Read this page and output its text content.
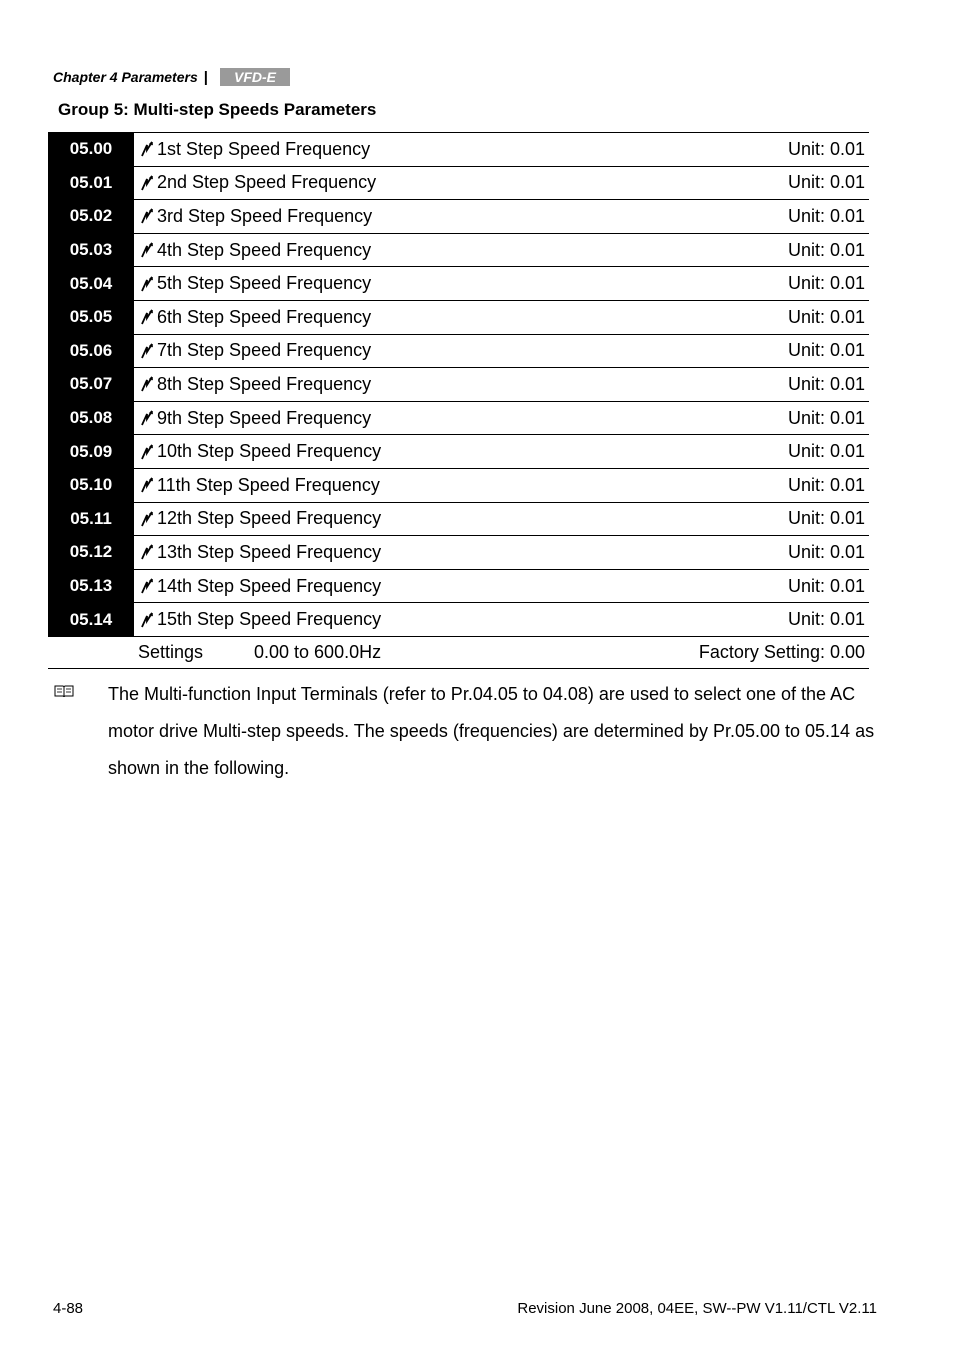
Chapter 4 Parameters | VFD-E
Group 5: Multi-step Speeds Parameters
05.00	1st Step Speed Frequency	Unit: 0.01
05.01	2nd Step Speed Frequency	Unit: 0.01
05.02	3rd Step Speed Frequency	Unit: 0.01
05.03	4th Step Speed Frequency	Unit: 0.01
05.04	5th Step Speed Frequency	Unit: 0.01
05.05	6th Step Speed Frequency	Unit: 0.01
05.06	7th Step Speed Frequency	Unit: 0.01
05.07	8th Step Speed Frequency	Unit: 0.01
05.08	9th Step Speed Frequency	Unit: 0.01
05.09	10th Step Speed Frequency	Unit: 0.01
05.10	11th Step Speed Frequency	Unit: 0.01
05.11	12th Step Speed Frequency	Unit: 0.01
05.12	13th Step Speed Frequency	Unit: 0.01
05.13	14th Step Speed Frequency	Unit: 0.01
05.14	15th Step Speed Frequency	Unit: 0.01
Settings	0.00 to 600.0Hz	Factory Setting: 0.00
The Multi-function Input Terminals (refer to Pr.04.05 to 04.08) are used to select one of the AC motor drive Multi-step speeds. The speeds (frequencies) are determined by Pr.05.00 to 05.14 as shown in the following.
4-88	Revision June 2008, 04EE, SW--PW V1.11/CTL V2.11
